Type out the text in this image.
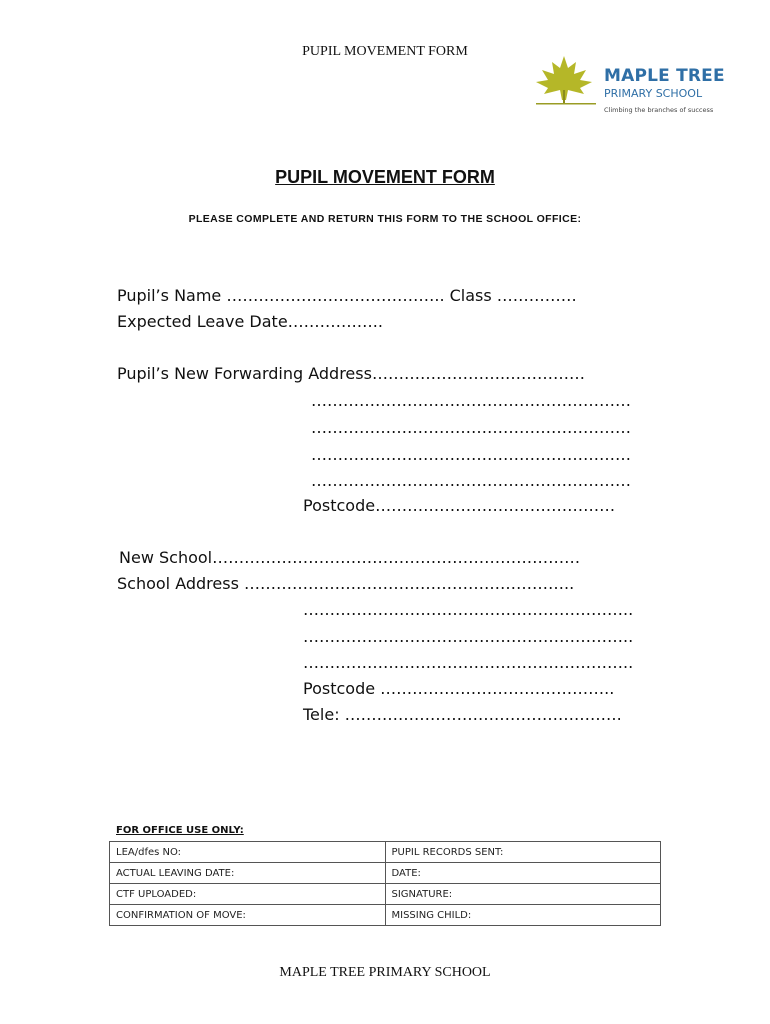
PUPIL MOVEMENT FORM
MAPLE TREE
PRIMARY SCHOOL
Climbing the branches of success
PUPIL MOVEMENT FORM
PLEASE COMPLETE AND RETURN THIS FORM TO THE SCHOOL OFFICE:
Pupil’s Name ………………………………….. Class ……………
Expected Leave Date………….…..
Pupil’s New Forwarding Address…………………….……………
……………………………………………………
……………………………………………………
……………………………………………………
……………………………………………………
Postcode………………………………………
New School……………………………………………………………
School Address ……………………………………………………..
……………………………………………………..
……………………………………………………..
……………………………………………………..
Postcode ……………………………………..
Tele: …………………………………………….
FOR OFFICE USE ONLY:
LEA/dfes NO:	PUPIL RECORDS SENT:
ACTUAL LEAVING DATE:	DATE:
CTF UPLOADED:	SIGNATURE:
CONFIRMATION OF MOVE:	MISSING CHILD:
MAPLE TREE PRIMARY SCHOOL
